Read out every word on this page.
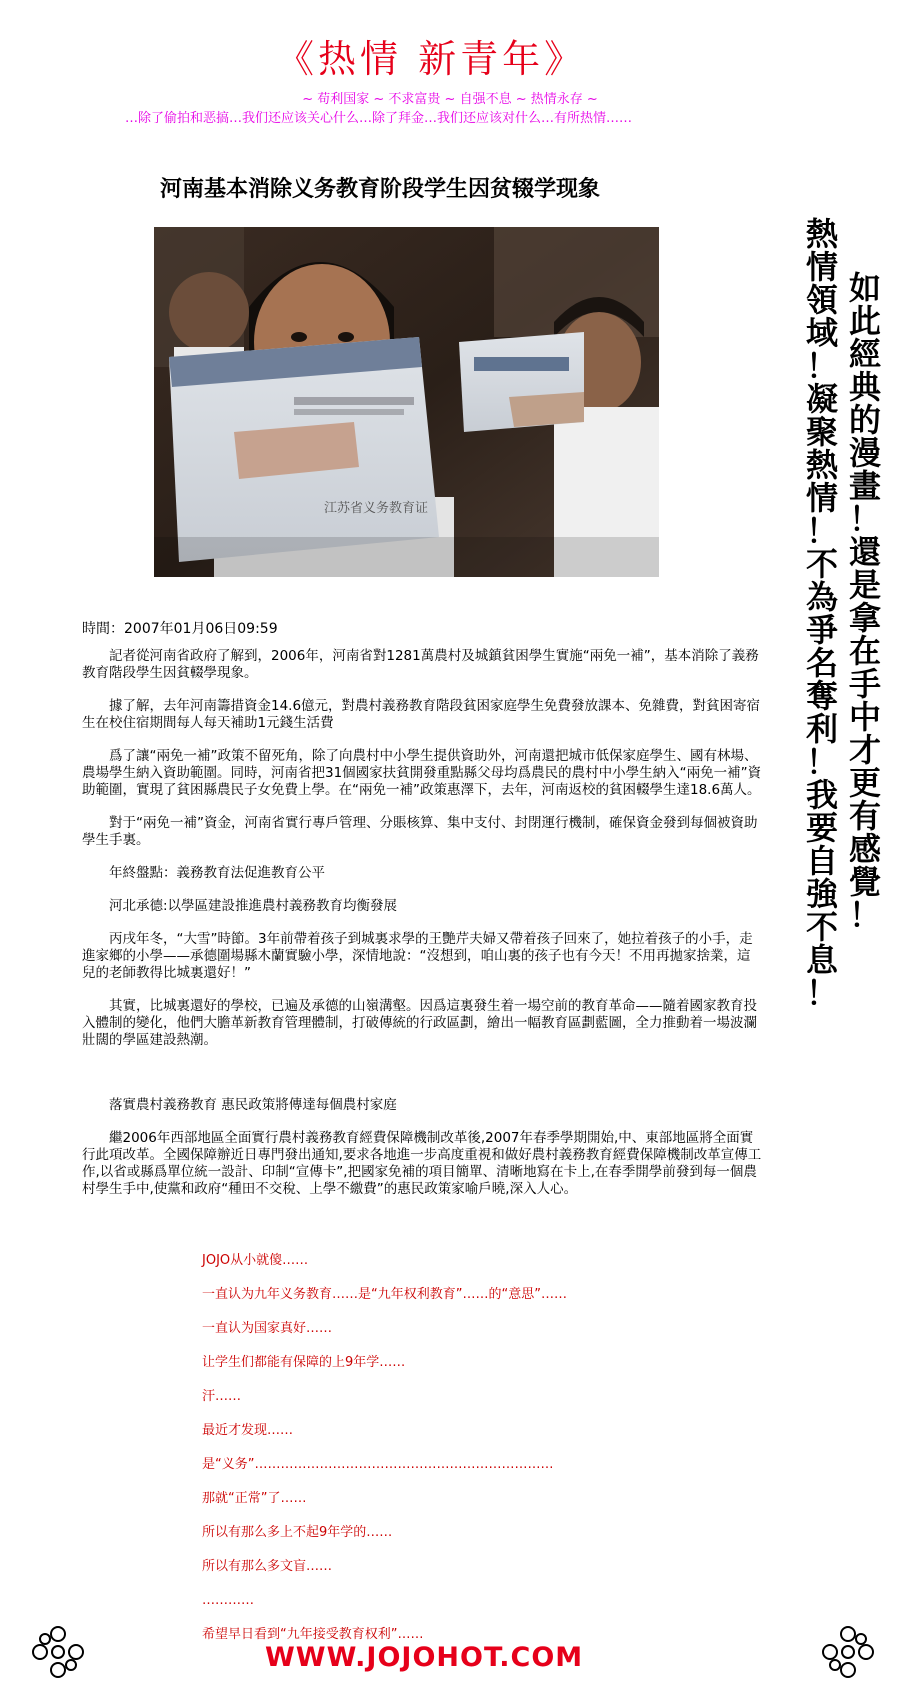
《热情 新青年》
~ 苟利国家 ~ 不求富贵 ~ 自强不息 ~ 热情永存 ~
…除了偷拍和恶搞…我们还应该关心什么…除了拜金…我们还应该对什么…有所热情……
河南基本消除义务教育阶段学生因贫辍学现象
江苏省义务教育证
熱
情
領
域
！
凝
聚
熱
情
！
不
為
爭
名
奪
利
！
我
要
自
強
不
息
！
如
此
經
典
的
漫
畫
！
還
是
拿
在
手
中
才
更
有
感
覺
！
時間：2007年01月06日09:59

記者從河南省政府了解到，2006年，河南省對1281萬農村及城鎮貧困學生實施“兩免一補”，基本消除了義務教育階段學生因貧輟學現象。

據了解，去年河南籌措資金14.6億元，對農村義務教育階段貧困家庭學生免費發放課本、免雜費，對貧困寄宿生在校住宿期間每人每天補助1元錢生活費

爲了讓“兩免一補”政策不留死角，除了向農村中小學生提供資助外，河南還把城市低保家庭學生、國有林場、農場學生納入資助範圍。同時，河南省把31個國家扶貧開發重點縣父母均爲農民的農村中小學生納入“兩免一補”資助範圍，實現了貧困縣農民子女免費上學。在“兩免一補”政策惠澤下，去年，河南返校的貧困輟學生達18.6萬人。

對于“兩免一補”資金，河南省實行專戶管理、分賬核算、集中支付、封閉運行機制，確保資金發到每個被資助學生手裏。

年終盤點：義務教育法促進教育公平

河北承德:以學區建設推進農村義務教育均衡發展

丙戌年冬，“大雪”時節。3年前帶着孩子到城裏求學的王艷芹夫婦又帶着孩子回來了，她拉着孩子的小手，走進家鄉的小學——承德圍場縣木蘭實驗小學，深情地說：“沒想到，咱山裏的孩子也有今天！不用再拋家捨業，這兒的老師教得比城裏還好！”

其實，比城裏還好的學校，已遍及承德的山嶺溝壑。因爲這裏發生着一場空前的教育革命——隨着國家教育投入體制的變化，他們大膽革新教育管理體制，打破傳統的行政區劃，繪出一幅教育區劃藍圖，全力推動着一場波瀾壯闊的學區建設熱潮。

落實農村義務教育 惠民政策將傳達每個農村家庭

繼2006年西部地區全面實行農村義務教育經費保障機制改革後,2007年春季學期開始,中、東部地區將全面實行此項改革。全國保障辦近日專門發出通知,要求各地進一步高度重視和做好農村義務教育經費保障機制改革宣傳工作,以省或縣爲單位統一設計、印制“宣傳卡”,把國家免補的項目簡單、清晰地寫在卡上,在春季開學前發到每一個農村學生手中,使黨和政府“種田不交稅、上學不繳費”的惠民政策家喻戶曉,深入人心。

JOJO从小就傻……
一直认为九年义务教育……是“九年权利教育”……的“意思”……
一直认为国家真好……
让学生们都能有保障的上9年学……
汗……
最近才发现……
是“义务”……………………………………………………………
那就“正常”了……
所以有那么多上不起9年学的……
所以有那么多文盲……
…………
希望早日看到“九年接受教育权利”……
WWW.JOJOHOT.COM
